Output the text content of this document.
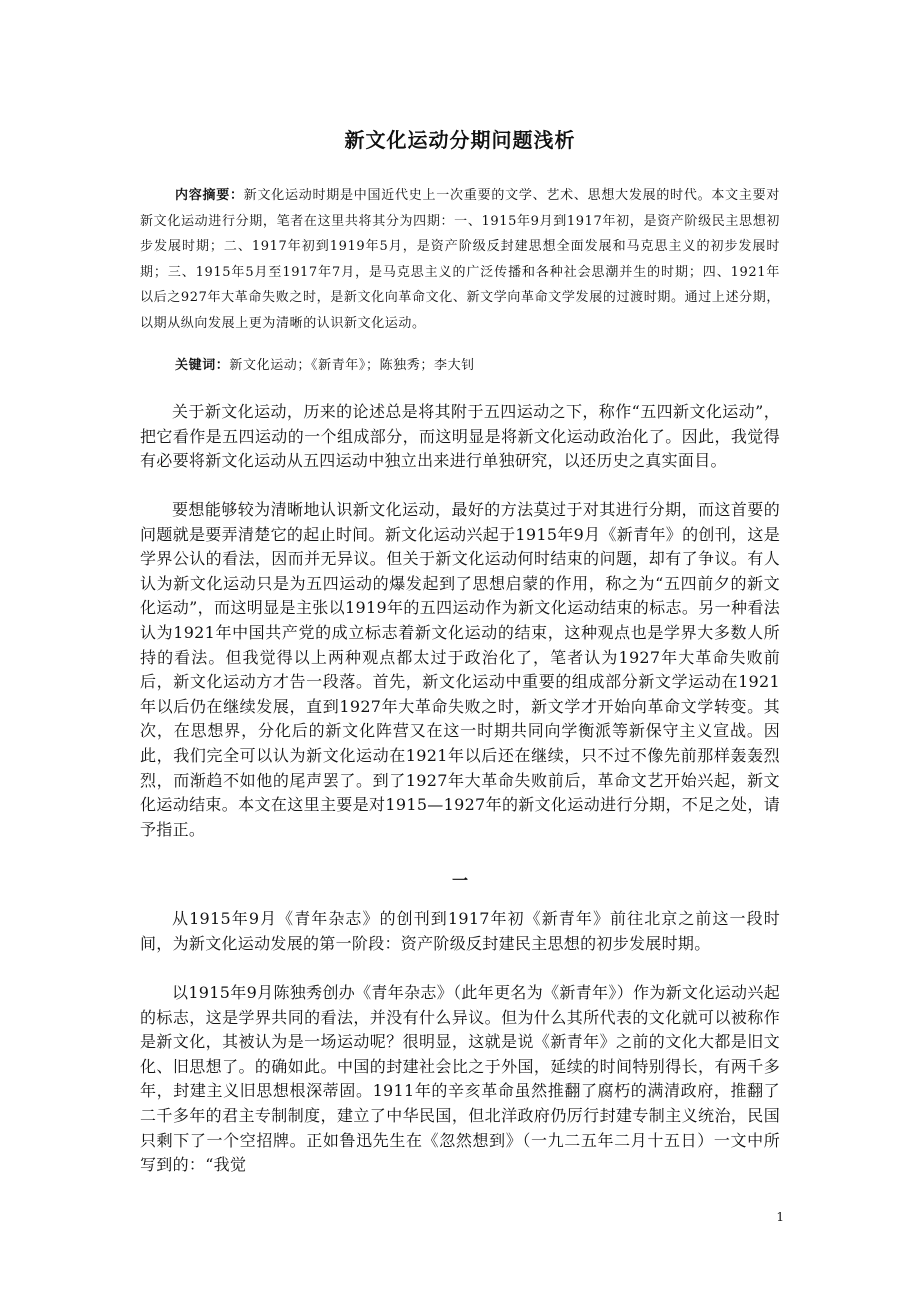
新文化运动分期问题浅析

内容摘要：新文化运动时期是中国近代史上一次重要的文学、艺术、思想大发展的时代。本文主要对新文化运动进行分期，笔者在这里共将其分为四期：一、1915年9月到1917年初，是资产阶级民主思想初步发展时期；二、1917年初到1919年5月，是资产阶级反封建思想全面发展和马克思主义的初步发展时期；三、1915年5月至1917年7月，是马克思主义的广泛传播和各种社会思潮并生的时期；四、1921年以后之927年大革命失败之时，是新文化向革命文化、新文学向革命文学发展的过渡时期。通过上述分期，以期从纵向发展上更为清晰的认识新文化运动。

关键词：新文化运动；《新青年》；陈独秀；李大钊

关于新文化运动，历来的论述总是将其附于五四运动之下，称作“五四新文化运动”，把它看作是五四运动的一个组成部分，而这明显是将新文化运动政治化了。因此，我觉得有必要将新文化运动从五四运动中独立出来进行单独研究，以还历史之真实面目。

要想能够较为清晰地认识新文化运动，最好的方法莫过于对其进行分期，而这首要的问题就是要弄清楚它的起止时间。新文化运动兴起于1915年9月《新青年》的创刊，这是学界公认的看法，因而并无异议。但关于新文化运动何时结束的问题，却有了争议。有人认为新文化运动只是为五四运动的爆发起到了思想启蒙的作用，称之为“五四前夕的新文化运动”，而这明显是主张以1919年的五四运动作为新文化运动结束的标志。另一种看法认为1921年中国共产党的成立标志着新文化运动的结束，这种观点也是学界大多数人所持的看法。但我觉得以上两种观点都太过于政治化了，笔者认为1927年大革命失败前后，新文化运动方才告一段落。首先，新文化运动中重要的组成部分新文学运动在1921年以后仍在继续发展，直到1927年大革命失败之时，新文学才开始向革命文学转变。其次，在思想界，分化后的新文化阵营又在这一时期共同向学衡派等新保守主义宣战。因此，我们完全可以认为新文化运动在1921年以后还在继续，只不过不像先前那样轰轰烈烈，而渐趋不如他的尾声罢了。到了1927年大革命失败前后，革命文艺开始兴起，新文化运动结束。本文在这里主要是对1915—1927年的新文化运动进行分期，不足之处，请予指正。

一

从1915年9月《青年杂志》的创刊到1917年初《新青年》前往北京之前这一段时间，为新文化运动发展的第一阶段：资产阶级反封建民主思想的初步发展时期。

以1915年9月陈独秀创办《青年杂志》（此年更名为《新青年》）作为新文化运动兴起的标志，这是学界共同的看法，并没有什么异议。但为什么其所代表的文化就可以被称作是新文化，其被认为是一场运动呢？很明显，这就是说《新青年》之前的文化大都是旧文化、旧思想了。的确如此。中国的封建社会比之于外国，延续的时间特别得长，有两千多年，封建主义旧思想根深蒂固。1911年的辛亥革命虽然推翻了腐朽的满清政府，推翻了二千多年的君主专制制度，建立了中华民国，但北洋政府仍厉行封建专制主义统治，民国只剩下了一个空招牌。正如鲁迅先生在《忽然想到》（一九二五年二月十五日）一文中所写到的：“我觉

1
